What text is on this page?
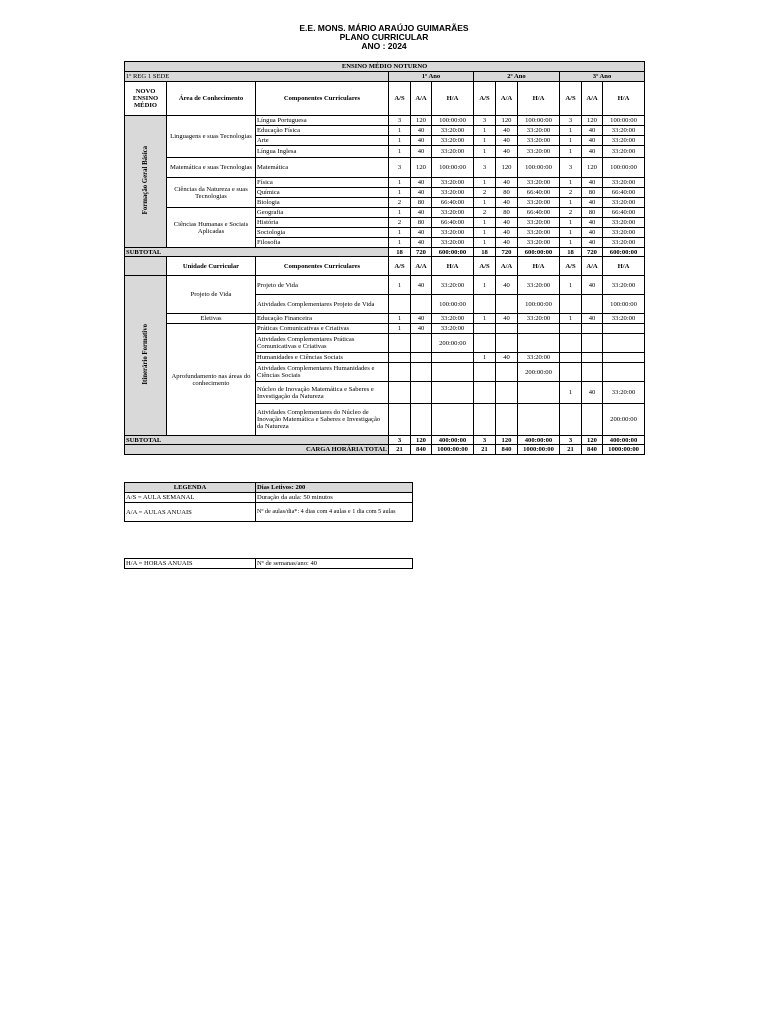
E.E. MONS. MÁRIO ARAÚJO GUIMARÃES
PLANO CURRICULAR
ANO : 2024
ENSINO MÉDIO NOTURNO											
1º REG 1 SEDE			1º Ano			2º Ano			3º Ano		
NOVO ENSINO MÉDIO	Área de Conhecimento	Componentes Curriculares	A/S	A/A	H/A	A/S	A/A	H/A	A/S	A/A	H/A
Formação Geral Básica	Linguagens e suas Tecnologias	Língua Portuguesa	3	120	100:00:00	3	120	100:00:00	3	120	100:00:00
		Educação Física	1	40	33:20:00	1	40	33:20:00	1	40	33:20:00
		Arte	1	40	33:20:00	1	40	33:20:00	1	40	33:20:00
		Língua Inglesa	1	40	33:20:00	1	40	33:20:00	1	40	33:20:00
	Matemática e suas Tecnologias	Matemática	3	120	100:00:00	3	120	100:00:00	3	120	100:00:00
	Ciências da Natureza e suas Tecnologias	Física	1	40	33:20:00	1	40	33:20:00	1	40	33:20:00
		Química	1	40	33:20:00	2	80	66:40:00	2	80	66:40:00
		Biologia	2	80	66:40:00	1	40	33:20:00	1	40	33:20:00
	Ciências Humanas e Sociais Aplicadas	Geografia	1	40	33:20:00	2	80	66:40:00	2	80	66:40:00
		História	2	80	66:40:00	1	40	33:20:00	1	40	33:20:00
		Sociologia	1	40	33:20:00	1	40	33:20:00	1	40	33:20:00
		Filosofia	1	40	33:20:00	1	40	33:20:00	1	40	33:20:00
SUBTOTAL			18	720	600:00:00	18	720	600:00:00	18	720	600:00:00
	Unidade Curricular	Componentes Curriculares	A/S	A/A	H/A	A/S	A/A	H/A	A/S	A/A	H/A
Itinerário Formativo	Projeto de Vida	Projeto de Vida	1	40	33:20:00	1	40	33:20:00	1	40	33:20:00
		Atividades Complementares Projeto de Vida			100:00:00			100:00:00			100:00:00
	Eletivas	Educação Financeira	1	40	33:20:00	1	40	33:20:00	1	40	33:20:00
	Aprofundamento nas áreas do conhecimento	Práticas Comunicativas e Criativas	1	40	33:20:00						
		Atividades Complementares Práticas Comunicativas e Criativas			200:00:00						
		Humanidades e Ciências Sociais				1	40	33:20:00			
		Atividades Complementares Humanidades e Ciências Sociais						200:00:00			
		Núcleo de Inovação Matemática e Saberes e Investigação da Natureza							1	40	33:20:00
		Atividades Complementares do Núcleo de Inovação Matemática e Saberes e Investigação da Natureza									200:00:00
SUBTOTAL			3	120	400:00:00	3	120	400:00:00	3	120	400:00:00
CARGA HORÁRIA TOTAL			21	840	1000:00:00	21	840	1000:00:00	21	840	1000:00:00
LEGENDA	Dias Letivos: 200
A/S = AULA SEMANAL	Duração da aula: 50 minutos
A/A = AULAS ANUAIS	Nº de aulas/dia*: 4 dias com 4 aulas e 1 dia com 5 aulas
H/A = HORAS ANUAIS	Nº de semanas/ano: 40
